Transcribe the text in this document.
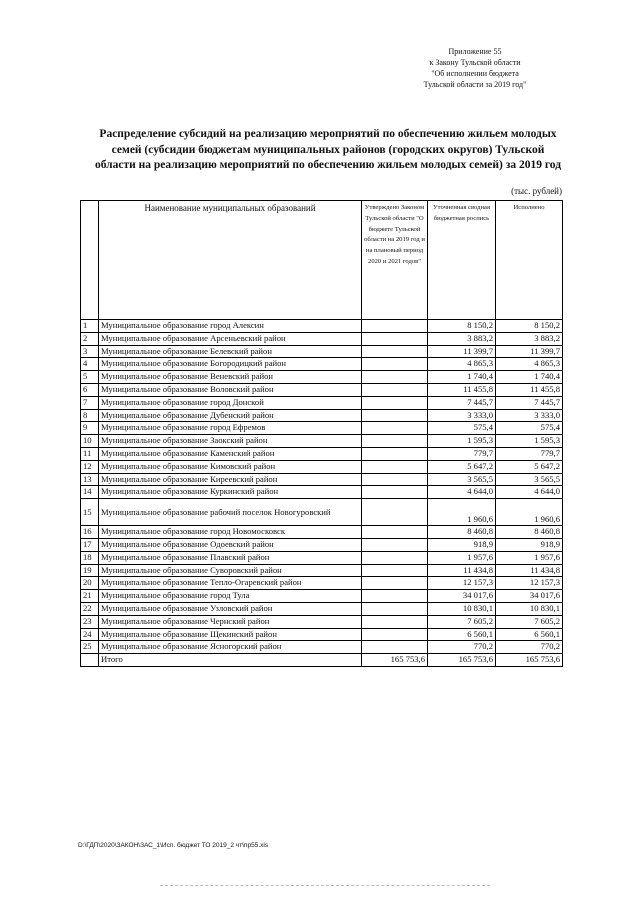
Приложение 55
к Закону Тульской области
"Об исполнении бюджета
Тульской области за 2019 год"
Распределение субсидий на реализацию мероприятий по обеспечению жильем молодых
семей (субсидии бюджетам муниципальных районов (городских округов) Тульской
области на реализацию мероприятий по обеспечению жильем молодых семей) за 2019 год
(тыс. рублей)
	Наименование муниципальных образований	Утверждено Законом Тульской области "О бюджете Тульской области на 2019 год и на плановый период 2020 и 2021 годов"	Уточненная сводная бюджетная роспись	Исполнено
1	Муниципальное образование город Алексин		8 150,2	8 150,2
2	Муниципальное образование Арсеньевский район		3 883,2	3 883,2
3	Муниципальное образование Белевский район		11 399,7	11 399,7
4	Муниципальное образование Богородицкий район		4 865,3	4 865,3
5	Муниципальное образование Веневский район		1 740,4	1 740,4
6	Муниципальное образование Воловский район		11 455,8	11 455,8
7	Муниципальное образование город Донской		7 445,7	7 445,7
8	Муниципальное образование Дубенский район		3 333,0	3 333,0
9	Муниципальное образование город Ефремов		575,4	575,4
10	Муниципальное образование Заокский район		1 595,3	1 595,3
11	Муниципальное образование Каменский район		779,7	779,7
12	Муниципальное образование Кимовский район		5 647,2	5 647,2
13	Муниципальное образование Киреевский район		3 565,5	3 565,5
14	Муниципальное образование Куркинский район		4 644,0	4 644,0
15	Муниципальное образование рабочий поселок Новогуровский		1 960,6	1 960,6
16	Муниципальное образование город Новомосковск		8 460,8	8 460,8
17	Муниципальное образование Одоевский район		918,9	918,9
18	Муниципальное образование Плавский район		1 957,6	1 957,6
19	Муниципальное образование Суворовский район		11 434,8	11 434,8
20	Муниципальное образование Тепло-Огаревский район		12 157,3	12 157,3
21	Муниципальное образование город Тула		34 017,6	34 017,6
22	Муниципальное образование Узловский район		10 830,1	10 830,1
23	Муниципальное образование Чернский район		7 605,2	7 605,2
24	Муниципальное образование Щекинский район		6 560,1	6 560,1
25	Муниципальное образование Ясногорский район		770,2	770,2
	Итого	165 753,6	165 753,6	165 753,6
D:\ГДП\2020\ЗАКОН\ЗАС_1\Исп. бюджет ТО 2019_2 чт\пр55.xls
